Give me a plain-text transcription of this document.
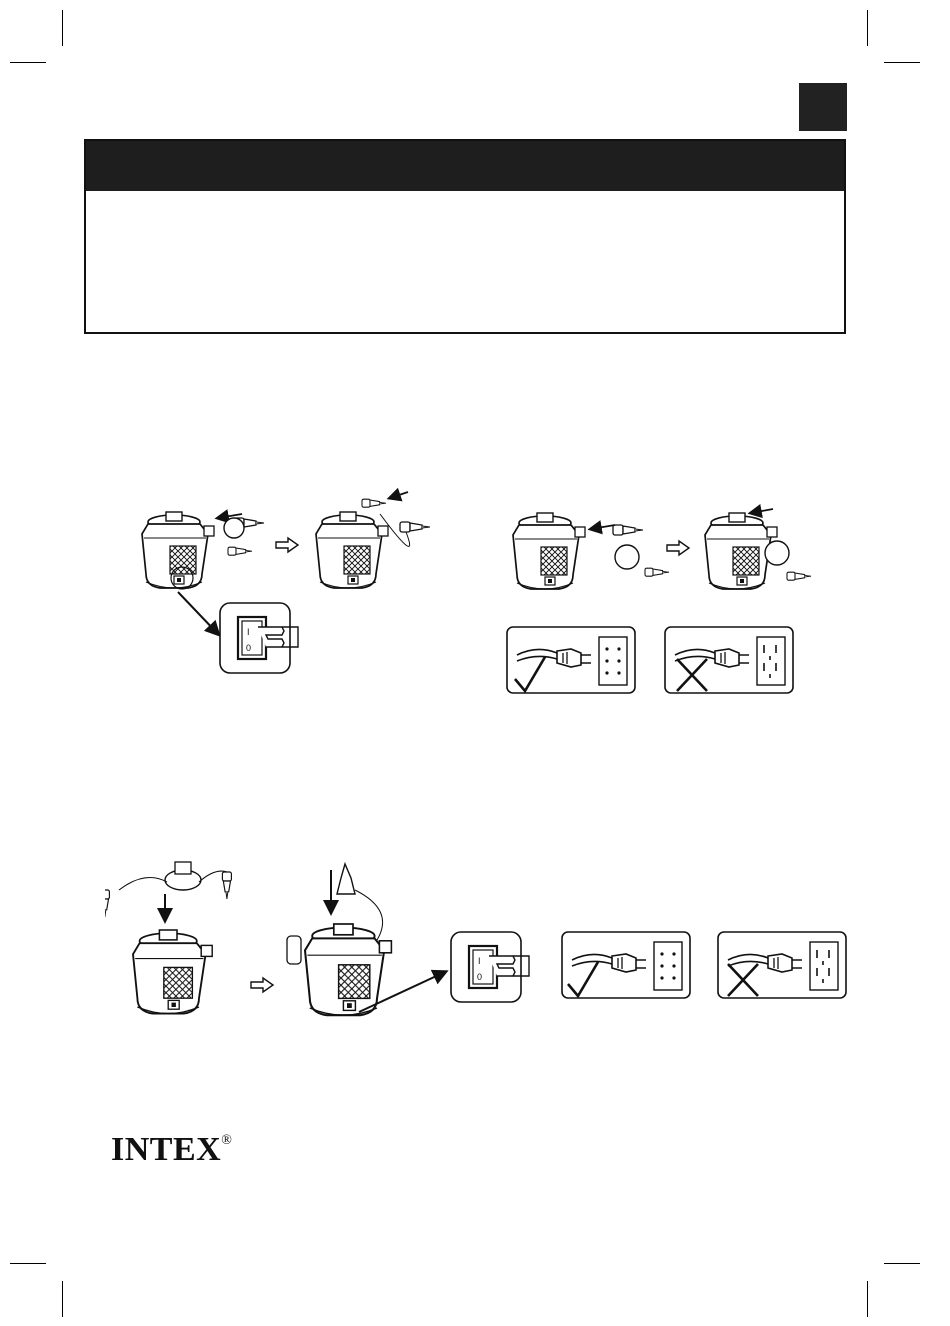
INTEX®
